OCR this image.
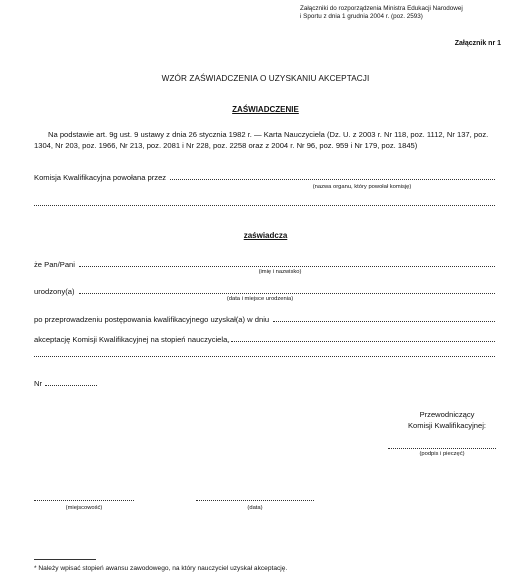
Załączniki do rozporządzenia Ministra Edukacji Narodowej
i Sportu z dnia 1 grudnia 2004 r. (poz. 2593)
Załącznik nr 1
WZÓR ZAŚWIADCZENIA O UZYSKANIU AKCEPTACJI
ZAŚWIADCZENIE
Na podstawie art. 9g ust. 9 ustawy z dnia 26 stycznia 1982 r. — Karta Nauczyciela (Dz. U. z 2003 r. Nr 118, poz. 1112, Nr 137, poz. 1304, Nr 203, poz. 1966, Nr 213, poz. 2081 i Nr 228, poz. 2258 oraz z 2004 r. Nr 96, poz. 959 i Nr 179, poz. 1845)
Komisja Kwalifikacyjna powołana przez
(nazwa organu, który powołał komisję)
zaświadcza
że Pan/Pani
(imię i nazwisko)
urodzony(a)
(data i miejsce urodzenia)
po przeprowadzeniu postępowania kwalifikacyjnego uzyskał(a) w dniu
akceptację Komisji Kwalifikacyjnej na stopień nauczyciela *
Nr
Przewodniczący
Komisji Kwalifikacyjnej:
(podpis i pieczęć)
(miejscowość)	(data)
* Należy wpisać stopień awansu zawodowego, na który nauczyciel uzyskał akceptację.
